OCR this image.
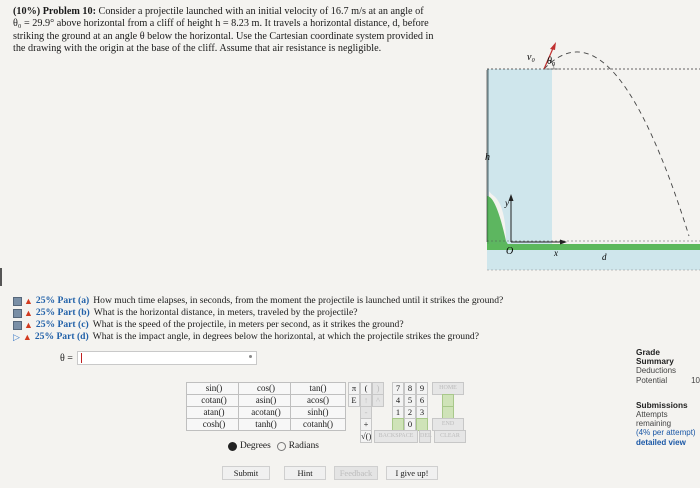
(10%) Problem 10: Consider a projectile launched with an initial velocity of 16.7 m/s at an angle of
θ₀ = 29.9° above horizontal from a cliff of height h = 8.23 m. It travels a horizontal distance, d, before
striking the ground at an angle θ below the horizontal. Use the Cartesian coordinate system provided in
the drawing with the origin at the base of the cliff. Assume that air resistance is negligible.
v₀ θ₀
h
y
x
O	d
▲ 25% Part (a) How much time elapses, in seconds, from the moment the projectile is launched until it strikes the ground?
▲ 25% Part (b) What is the horizontal distance, in meters, traveled by the projectile?
▲ 25% Part (c) What is the speed of the projectile, in meters per second, as it strikes the ground?
▷ ▲ 25% Part (d) What is the impact angle, in degrees below the horizontal, at which the projectile strikes the ground?
θ =
sin()	cos()	tan()
cotan()	asin()	acos()
atan()	acotan()	sinh()
cosh()	tanh()	cotanh()
π (	)
E ↑ ^
-
+
√()
7 8 9
4 5 6
1 2 3
0
HOME
END
BACKSPACE	DEL	CLEAR
Degrees Radians
Submit	Hint	Feedback	I give up!
Grade Summary
Deductions
Potential	10
Submissions
Attempts remaining
(4% per attempt)
detailed view
